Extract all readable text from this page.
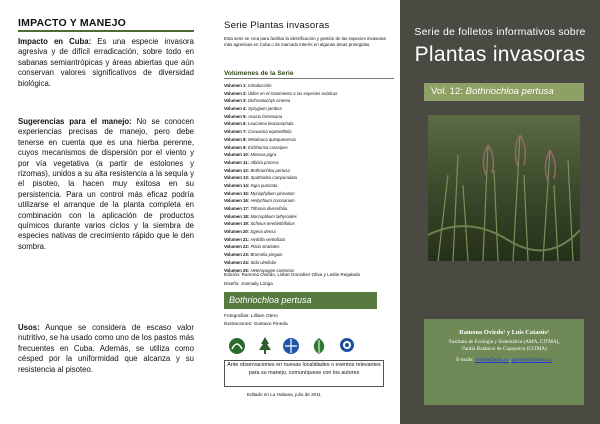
IMPACTO Y MANEJO
Impacto en Cuba: Es una especie invasora agresiva y de difícil erradicación, sobre todo en sabanas semiantrópicas y áreas abiertas que aún conservan valores significativos de diversidad biológica.
Sugerencias para el manejo: No se conocen experiencias precisas de manejo, pero debe tenerse en cuenta que es una hierba perenne, cuyos mecanismos de dispersión por el viento y por vía vegetativa (a partir de estolones y rizomas), unidos a su alta resistencia a la sequía y el pisoteo, la hacen muy exitosa en su persistencia. Para un control más eficaz podría utilizarse el arranque de la planta completa en combinación con la aplicación de productos químicos durante varios ciclos y la siembra de especies nativas de crecimiento rápido que le den sombra.
Usos: Aunque se considera de escaso valor nutritivo, se ha usado como uno de los pastos más frecuentes en Cuba. Además, se utiliza como césped por la uniformidad que alcanza y su resistencia al pisoteo.
Serie Plantas invasoras
Esta serie se crea para facilitar la identificación y gestión de las especies invasoras más agresivas en Cuba o de marcado interés en algunas áreas protegidas.
Volúmenes de la Serie
Volumen 1: Introducción
Volumen 2: Útiles en el tratamiento a las especies exóticas
Volumen 3: Dichrostachys cinerea
Volumen 4: Syzygium jambos
Volumen 5: Acacia farnesiana
Volumen 6: Leucaena leucocephala
Volumen 7: Casuarina equisetifolia
Volumen 8: Melaleuca quinquenervia
Volumen 9: Eichhornia crassipes
Volumen 10: Mimosa pigra
Volumen 11: Albizia procera
Volumen 12: Bothriochloa pertusa
Volumen 13: Spathodea campanulata
Volumen 14: Ingia punctata
Volumen 15: Myriophyllum pinnatum
Volumen 16: Hedychium coronarium
Volumen 17: Tithonia diversifolia
Volumen 18: Macroptilium lathyroides
Volumen 19: Schinus terebinthifolius
Volumen 20: Egeria densa
Volumen 21: Hydrilla verticillata
Volumen 22: Pistia stratiotes
Volumen 23: Bromelia pinguin
Volumen 24: Sida ulmifolia
Volumen 25: Heteropogon contortus
Edición: Ramona Oviedo, Lisbet González-Oliva y Leslie Regalado
Diseño: Josmaily Lóriga
Bothriochloa pertusa
Fotografías: Lilliam Otero
Ilustraciones: Gustavo Pineda
Ante observaciones en nuevas localidades o eventos relevantes para su manejo, comuníquese con los autores
Editado en La Habana, julio de 2011
Serie de folletos informativos sobre
Plantas invasoras
Vol. 12: Bothriochloa pertusa
Ramona Oviedo¹ y Luis Catasús²
¹Instituto de Ecología y Sistemática (AMA, CITMA),
²Jardín Botánico de Cupaynicu (CITMA)
E-mails: oviedo@ama.cu; jgunme@unsion.cu
